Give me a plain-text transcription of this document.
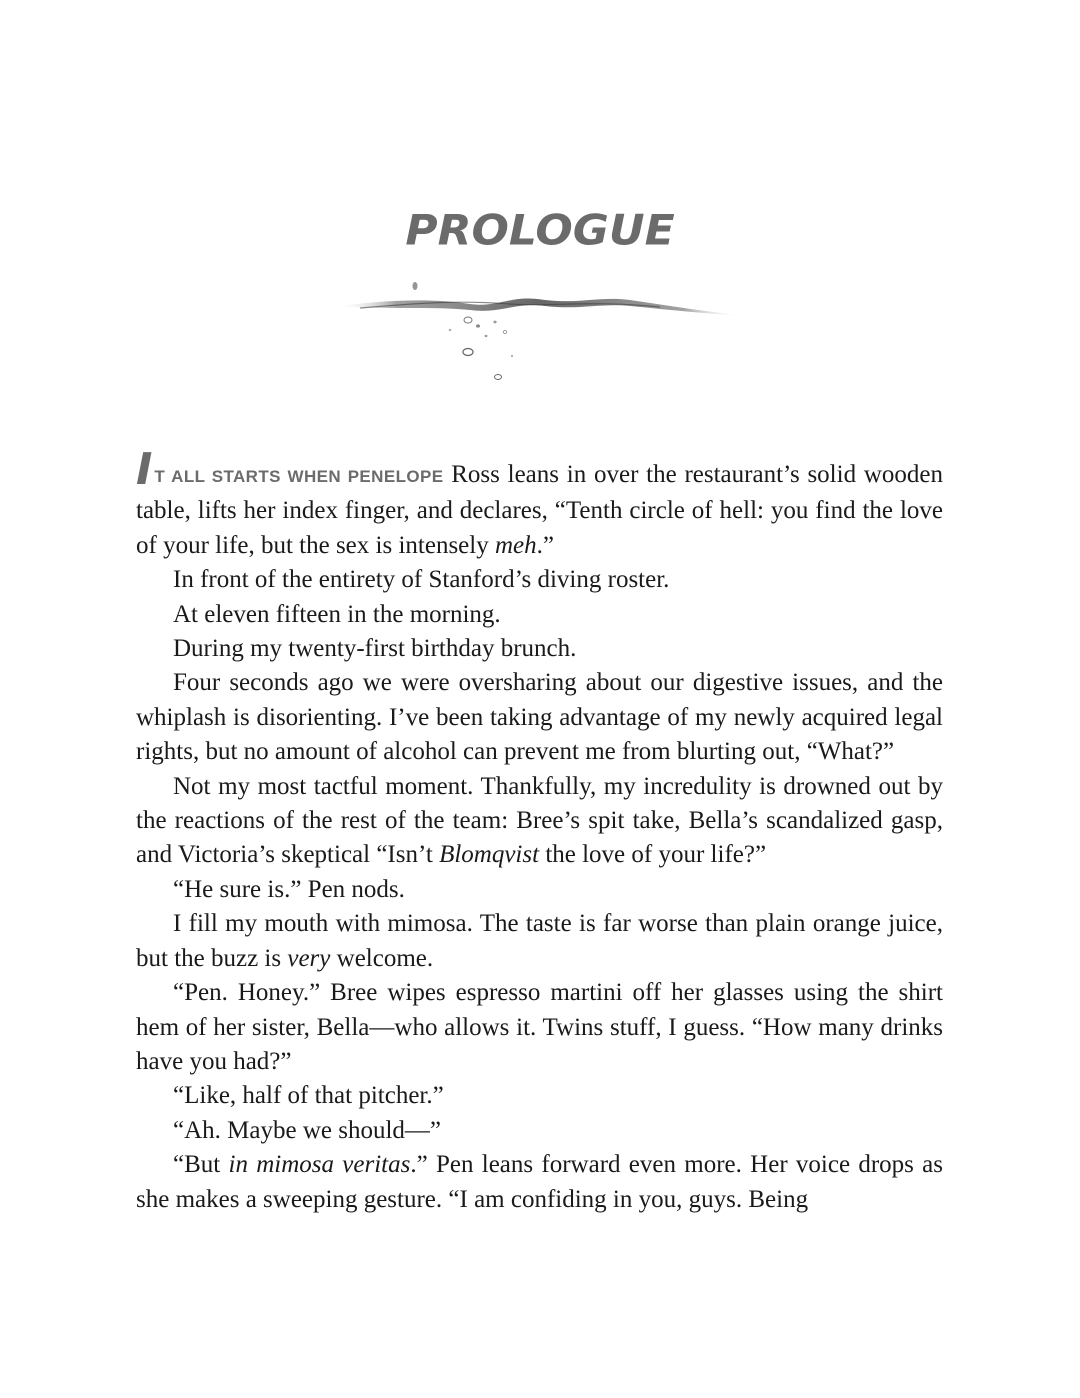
PROLOGUE

I T ALL STARTS WHEN PENELOPE Ross leans in over the restaurant’s solid wooden table, lifts her index finger, and declares, “Tenth circle of hell: you find the love of your life, but the sex is intensely meh.”

In front of the entirety of Stanford’s diving roster.

At eleven fifteen in the morning.

During my twenty-first birthday brunch.

Four seconds ago we were oversharing about our digestive issues, and the whiplash is disorienting. I’ve been taking advantage of my newly acquired legal rights, but no amount of alcohol can prevent me from blurting out, “What?”

Not my most tactful moment. Thankfully, my incredulity is drowned out by the reactions of the rest of the team: Bree’s spit take, Bella’s scandalized gasp, and Victoria’s skeptical “Isn’t Blomqvist the love of your life?”

“He sure is.” Pen nods.

I fill my mouth with mimosa. The taste is far worse than plain orange juice, but the buzz is very welcome.

“Pen. Honey.” Bree wipes espresso martini off her glasses using the shirt hem of her sister, Bella—who allows it. Twins stuff, I guess. “How many drinks have you had?”

“Like, half of that pitcher.”

“Ah. Maybe we should—”

“But in mimosa veritas.” Pen leans forward even more. Her voice drops as she makes a sweeping gesture. “I am confiding in you, guys. Being
